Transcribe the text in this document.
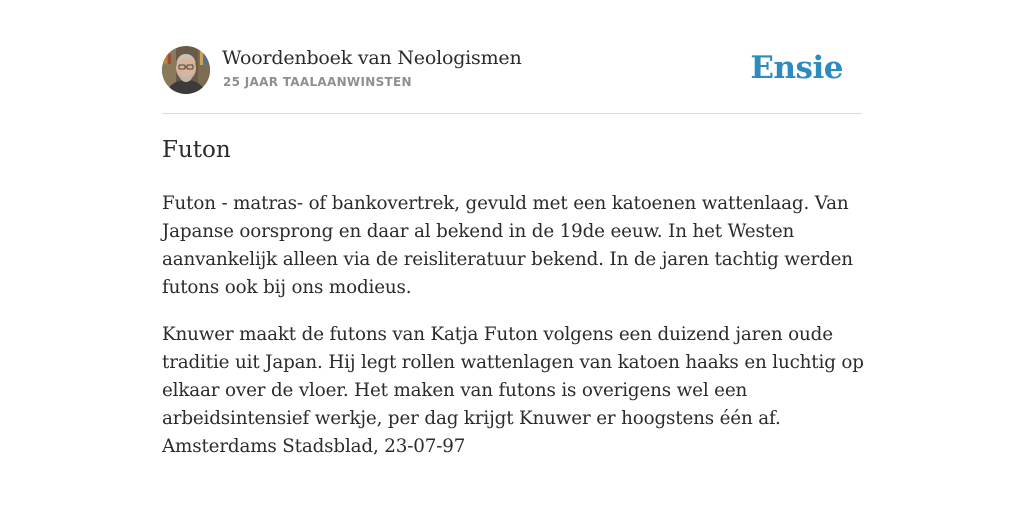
Woordenboek van Neologismen
25 JAAR TAALAANWINSTEN	Ensie
Futon

Futon - matras- of bankovertrek, gevuld met een katoenen wattenlaag. Van Japanse oorsprong en daar al bekend in de 19de eeuw. In het Westen aanvankelijk alleen via de reisliteratuur bekend. In de jaren tachtig werden futons ook bij ons modieus.

Knuwer maakt de futons van Katja Futon volgens een duizend jaren oude traditie uit Japan. Hij legt rollen wattenlagen van katoen haaks en luchtig op elkaar over de vloer. Het maken van futons is overigens wel een arbeidsintensief werkje, per dag krijgt Knuwer er hoogstens één af. Amsterdams Stadsblad, 23-07-97
